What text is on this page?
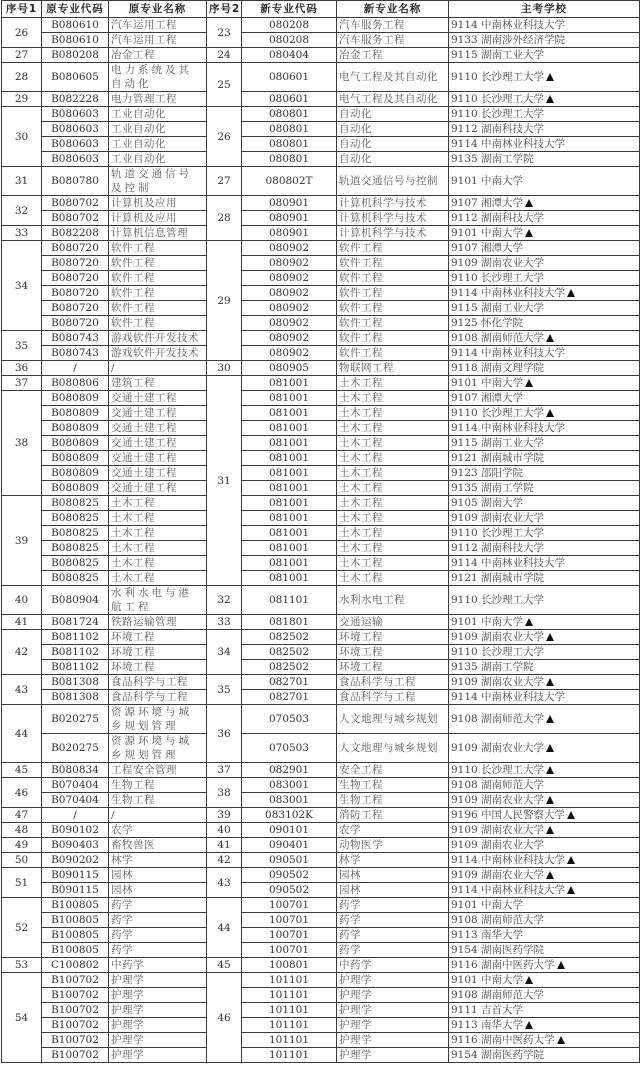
序号1	原专业代码	原专业名称	序号2	新专业代码	新专业名称	主考学校
26	B080610	汽车运用工程	23	080208	汽车服务工程	9114 中南林业科技大学
	B080610	汽车运用工程		080208	汽车服务工程	9133 湖南涉外经济学院
27	B080208	冶金工程	24	080404	冶金工程	9115 湖南工业大学
28	B080605	电力系统及其自动化	25	080601	电气工程及其自动化	9110 长沙理工大学
29	B082228	电力管理工程		080601	电气工程及其自动化	9110 长沙理工大学
30	B080603	工业自动化	26	080801	自动化	9110 长沙理工大学
	B080603	工业自动化		080801	自动化	9112 湖南科技大学
	B080603	工业自动化		080801	自动化	9114 中南林业科技大学
	B080603	工业自动化		080801	自动化	9135 湖南工学院
31	B080780	轨道交通信号及控制	27	080802T	轨道交通信号与控制	9101 中南大学
32	B080702	计算机及应用	28	080901	计算机科学与技术	9107 湘潭大学
	B080702	计算机及应用		080901	计算机科学与技术	9112 湖南科技大学
33	B082208	计算机信息管理		080901	计算机科学与技术	9101 中南大学
34	B080720	软件工程	29	080902	软件工程	9107 湘潭大学
	B080720	软件工程		080902	软件工程	9109 湖南农业大学
	B080720	软件工程		080902	软件工程	9110 长沙理工大学
	B080720	软件工程		080902	软件工程	9114 中南林业科技大学
	B080720	软件工程		080902	软件工程	9115 湖南工业大学
	B080720	软件工程		080902	软件工程	9125 怀化学院
35	B080743	游戏软件开发技术		080902	软件工程	9108 湖南师范大学
	B080743	游戏软件开发技术		080902	软件工程	9114 中南林业科技大学
36	/	/	30	080905	物联网工程	9118 湖南文理学院
37	B080806	建筑工程	31	081001	土木工程	9101 中南大学
38	B080809	交通土建工程		081001	土木工程	9107 湘潭大学
	B080809	交通土建工程		081001	土木工程	9110 长沙理工大学
	B080809	交通土建工程		081001	土木工程	9114 中南林业科技大学
	B080809	交通土建工程		081001	土木工程	9115 湖南工业大学
	B080809	交通土建工程		081001	土木工程	9121 湖南城市学院
	B080809	交通土建工程		081001	土木工程	9123 邵阳学院
	B080809	交通土建工程		081001	土木工程	9135 湖南工学院
39	B080825	土木工程		081001	土木工程	9105 湖南大学
	B080825	土木工程		081001	土木工程	9109 湖南农业大学
	B080825	土木工程		081001	土木工程	9110 长沙理工大学
	B080825	土木工程		081001	土木工程	9112 湖南科技大学
	B080825	土木工程		081001	土木工程	9114 中南林业科技大学
	B080825	土木工程		081001	土木工程	9121 湖南城市学院
40	B080904	水利水电与港航工程	32	081101	水利水电工程	9110 长沙理工大学
41	B081724	铁路运输管理	33	081801	交通运输	9101 中南大学
42	B081102	环境工程	34	082502	环境工程	9109 湖南农业大学
	B081102	环境工程		082502	环境工程	9110 长沙理工大学
	B081102	环境工程		082502	环境工程	9135 湖南工学院
43	B081308	食品科学与工程	35	082701	食品科学与工程	9109 湖南农业大学
	B081308	食品科学与工程		082701	食品科学与工程	9114 中南林业科技大学
44	B020275	资源环境与城乡规划管理	36	070503	人文地理与城乡规划	9108 湖南师范大学
	B020275	资源环境与城乡规划管理		070503	人文地理与城乡规划	9109 湖南农业大学
45	B080834	工程安全管理	37	082901	安全工程	9110 长沙理工大学
46	B070404	生物工程	38	083001	生物工程	9108 湖南师范大学
	B070404	生物工程		083001	生物工程	9109 湖南农业大学
47	/	/	39	083102K	消防工程	9196 中国人民警察大学
48	B090102	农学	40	090101	农学	9109 湖南农业大学
49	B090403	畜牧兽医	41	090401	动物医学	9109 湖南农业大学
50	B090202	林学	42	090501	林学	9114 中南林业科技大学
51	B090115	园林	43	090502	园林	9109 湖南农业大学
	B090115	园林		090502	园林	9114 中南林业科技大学
52	B100805	药学	44	100701	药学	9101 中南大学
	B100805	药学		100701	药学	9108 湖南师范大学
	B100805	药学		100701	药学	9113 南华大学
	B100805	药学		100701	药学	9154 湖南医药学院
53	C100802	中药学	45	100801	中药学	9116 湖南中医药大学
54	B100702	护理学	46	101101	护理学	9101 中南大学
	B100702	护理学		101101	护理学	9108 湖南师范大学
	B100702	护理学		101101	护理学	9111 吉首大学
	B100702	护理学		101101	护理学	9113 南华大学
	B100702	护理学		101101	护理学	9116 湖南中医药大学
	B100702	护理学		101101	护理学	9154 湖南医药学院
